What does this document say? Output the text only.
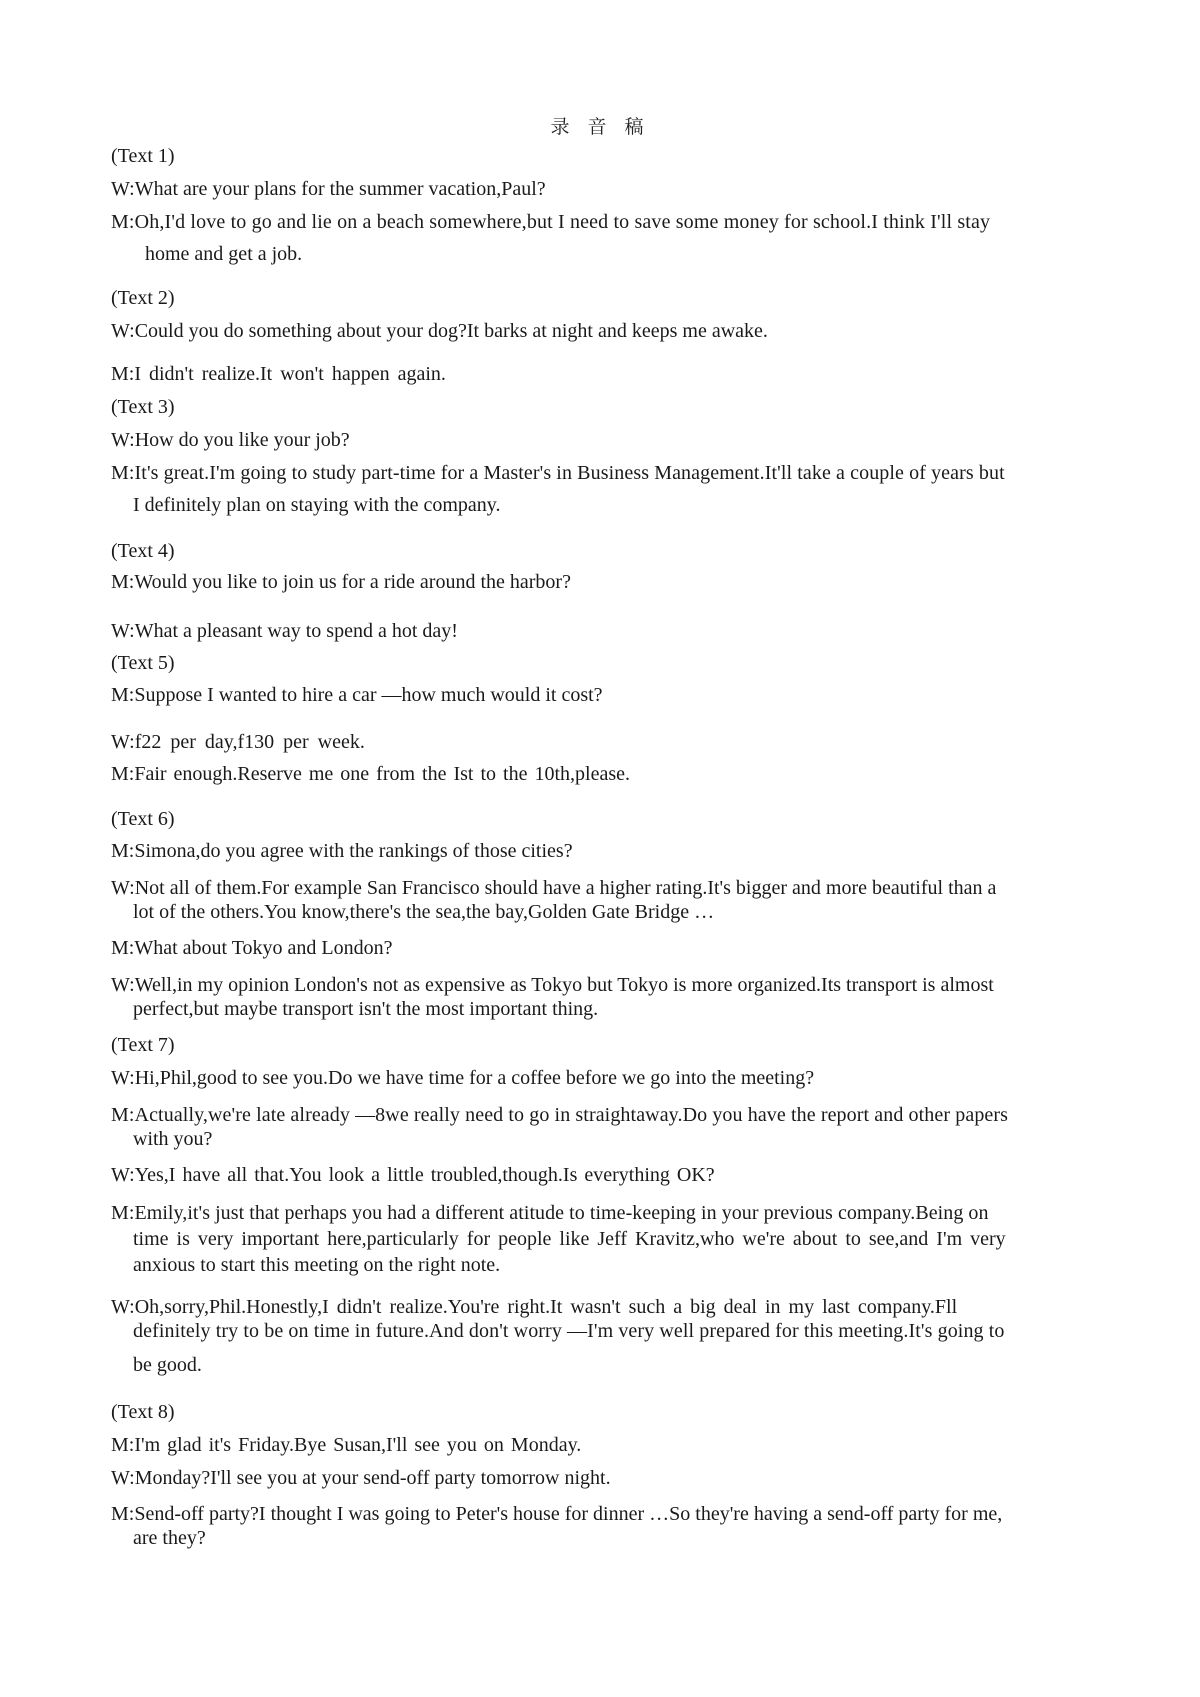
录 音 稿
(Text 1)
W:What are your plans for the summer vacation,Paul?
M:Oh,I'd love to go and lie on a beach somewhere,but I need to save some money for school.I think I'll stay
home and get a job.
(Text 2)
W:Could you do something about your dog?It barks at night and keeps me awake.
M:I didn't realize.It won't happen again.
(Text 3)
W:How do you like your job?
M:It's great.I'm going to study part-time for a Master's in Business Management.It'll take a couple of years but
I definitely plan on staying with the company.
(Text 4)
M:Would you like to join us for a ride around the harbor?
W:What a pleasant way to spend a hot day!
(Text 5)
M:Suppose I wanted to hire a car —how much would it cost?
W:f22 per day,f130 per week.
M:Fair enough.Reserve me one from the Ist to the 10th,please.
(Text 6)
M:Simona,do you agree with the rankings of those cities?
W:Not all of them.For example San Francisco should have a higher rating.It's bigger and more beautiful than a
lot of the others.You know,there's the sea,the bay,Golden Gate Bridge …
M:What about Tokyo and London?
W:Well,in my opinion London's not as expensive as Tokyo but Tokyo is more organized.Its transport is almost
perfect,but maybe transport isn't the most important thing.
(Text 7)
W:Hi,Phil,good to see you.Do we have time for a coffee before we go into the meeting?
M:Actually,we're late already —8we really need to go in straightaway.Do you have the report and other papers
with you?
W:Yes,I have all that.You look a little troubled,though.Is everything OK?
M:Emily,it's just that perhaps you had a different atitude to time-keeping in your previous company.Being on
time is very important here,particularly for people like Jeff Kravitz,who we're about to see,and I'm very
anxious to start this meeting on the right note.
W:Oh,sorry,Phil.Honestly,I didn't realize.You're right.It wasn't such a big deal in my last company.Fll
definitely try to be on time in future.And don't worry —I'm very well prepared for this meeting.It's going to
be good.
(Text 8)
M:I'm glad it's Friday.Bye Susan,I'll see you on Monday.
W:Monday?I'll see you at your send-off party tomorrow night.
M:Send-off party?I thought I was going to Peter's house for dinner …So they're having a send-off party for me,
are they?
